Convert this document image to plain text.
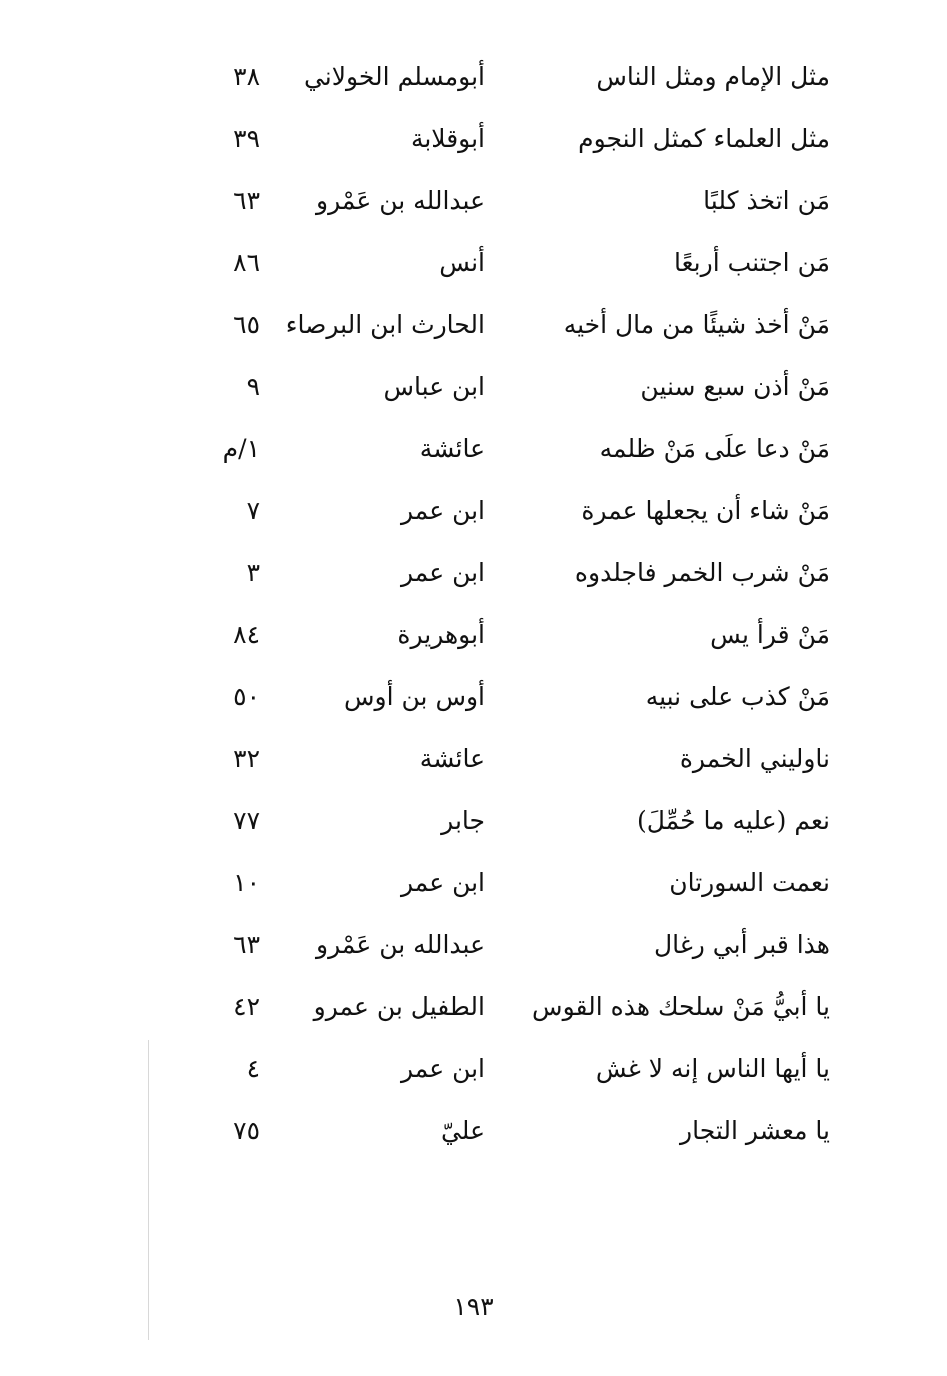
مثل الإمام ومثل الناس
أبومسلم الخولاني
٣٨
مثل العلماء كمثل النجوم
أبوقلابة
٣٩
مَن اتخذ كلبًا
عبدالله بن عَمْرو
٦٣
مَن اجتنب أربعًا
أنس
٨٦
مَنْ أخذ شيئًا من مال أخيه
الحارث ابن البرصاء
٦٥
مَنْ أذن سبع سنين
ابن عباس
٩
مَنْ دعا علَى مَنْ ظلمه
عائشة
١/م
مَنْ شاء أن يجعلها عمرة
ابن عمر
٧
مَنْ شرب الخمر فاجلدوه
ابن عمر
٣
مَنْ قرأ يس
أبوهريرة
٨٤
مَنْ كذب على نبيه
أوس بن أوس
٥٠
ناوليني الخمرة
عائشة
٣٢
نعم (عليه ما حُمِّلَ)
جابر
٧٧
نعمت السورتان
ابن عمر
١٠
هذا قبر أبي رغال
عبدالله بن عَمْرو
٦٣
يا أبيُّ مَنْ سلحك هذه القوس
الطفيل بن عمرو
٤٢
يا أيها الناس إنه لا غش
ابن عمر
٤
يا معشر التجار
عليّ
٧٥
١٩٣
